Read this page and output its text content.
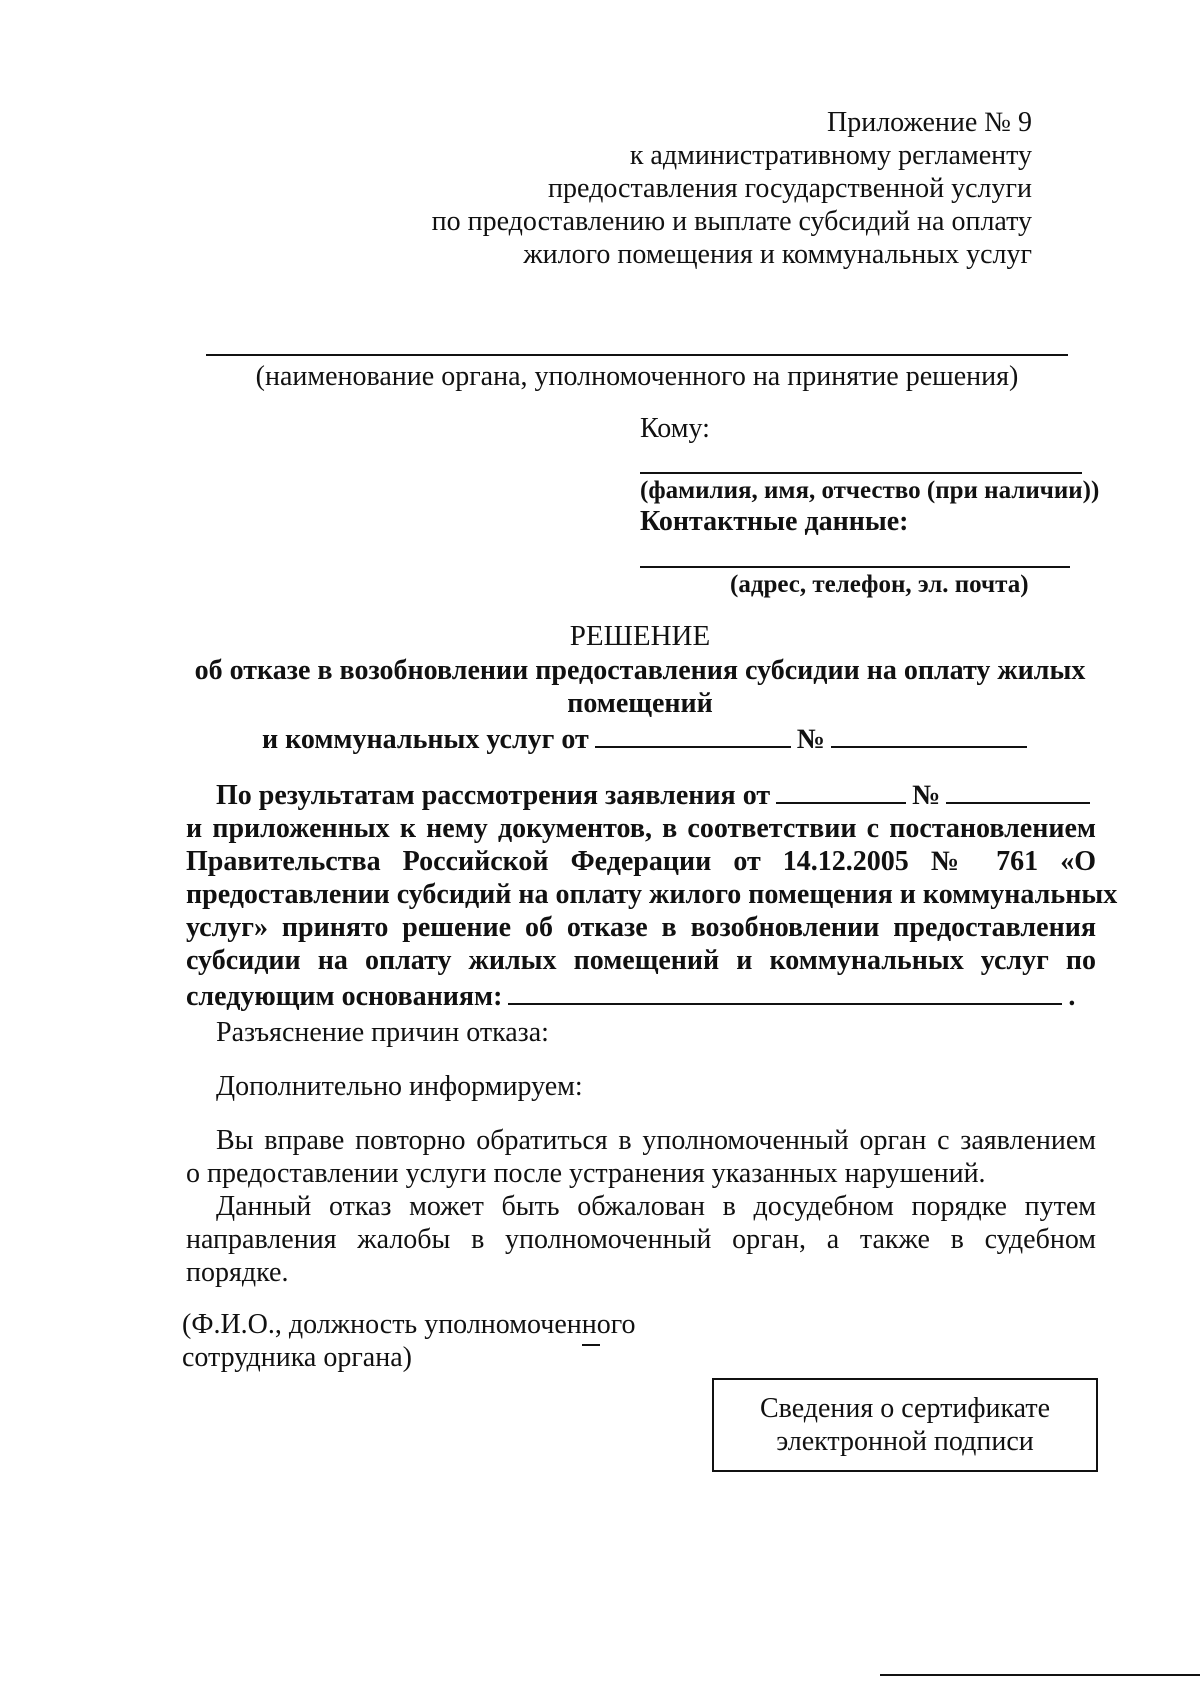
Приложение № 9
к административному регламенту
предоставления государственной услуги
по предоставлению и выплате субсидий на оплату
жилого помещения и коммунальных услуг
(наименование органа, уполномоченного на принятие решения)
Кому:
(фамилия, имя, отчество (при наличии))
Контактные данные:
(адрес, телефон, эл. почта)
РЕШЕНИЕ
об отказе в возобновлении предоставления субсидии на оплату жилых
помещений
и коммунальных услуг от	№
По результатам рассмотрения заявления от	№
и приложенных к нему документов, в соответствии с постановлением
Правительства Российской Федерации от 14.12.2005 № 761 «О
предоставлении субсидий на оплату жилого помещения и коммунальных
услуг» принято решение об отказе в возобновлении предоставления
субсидии на оплату жилых помещений и коммунальных услуг по
следующим основаниям:	.
Разъяснение причин отказа:
Дополнительно информируем:
Вы вправе повторно обратиться в уполномоченный орган с заявлением
о предоставлении услуги после устранения указанных нарушений.
Данный отказ может быть обжалован в досудебном порядке путем
направления жалобы в уполномоченный орган, а также в судебном
порядке.
(Ф.И.О., должность уполномоченного
сотрудника органа)
Сведения о сертификате
электронной подписи
